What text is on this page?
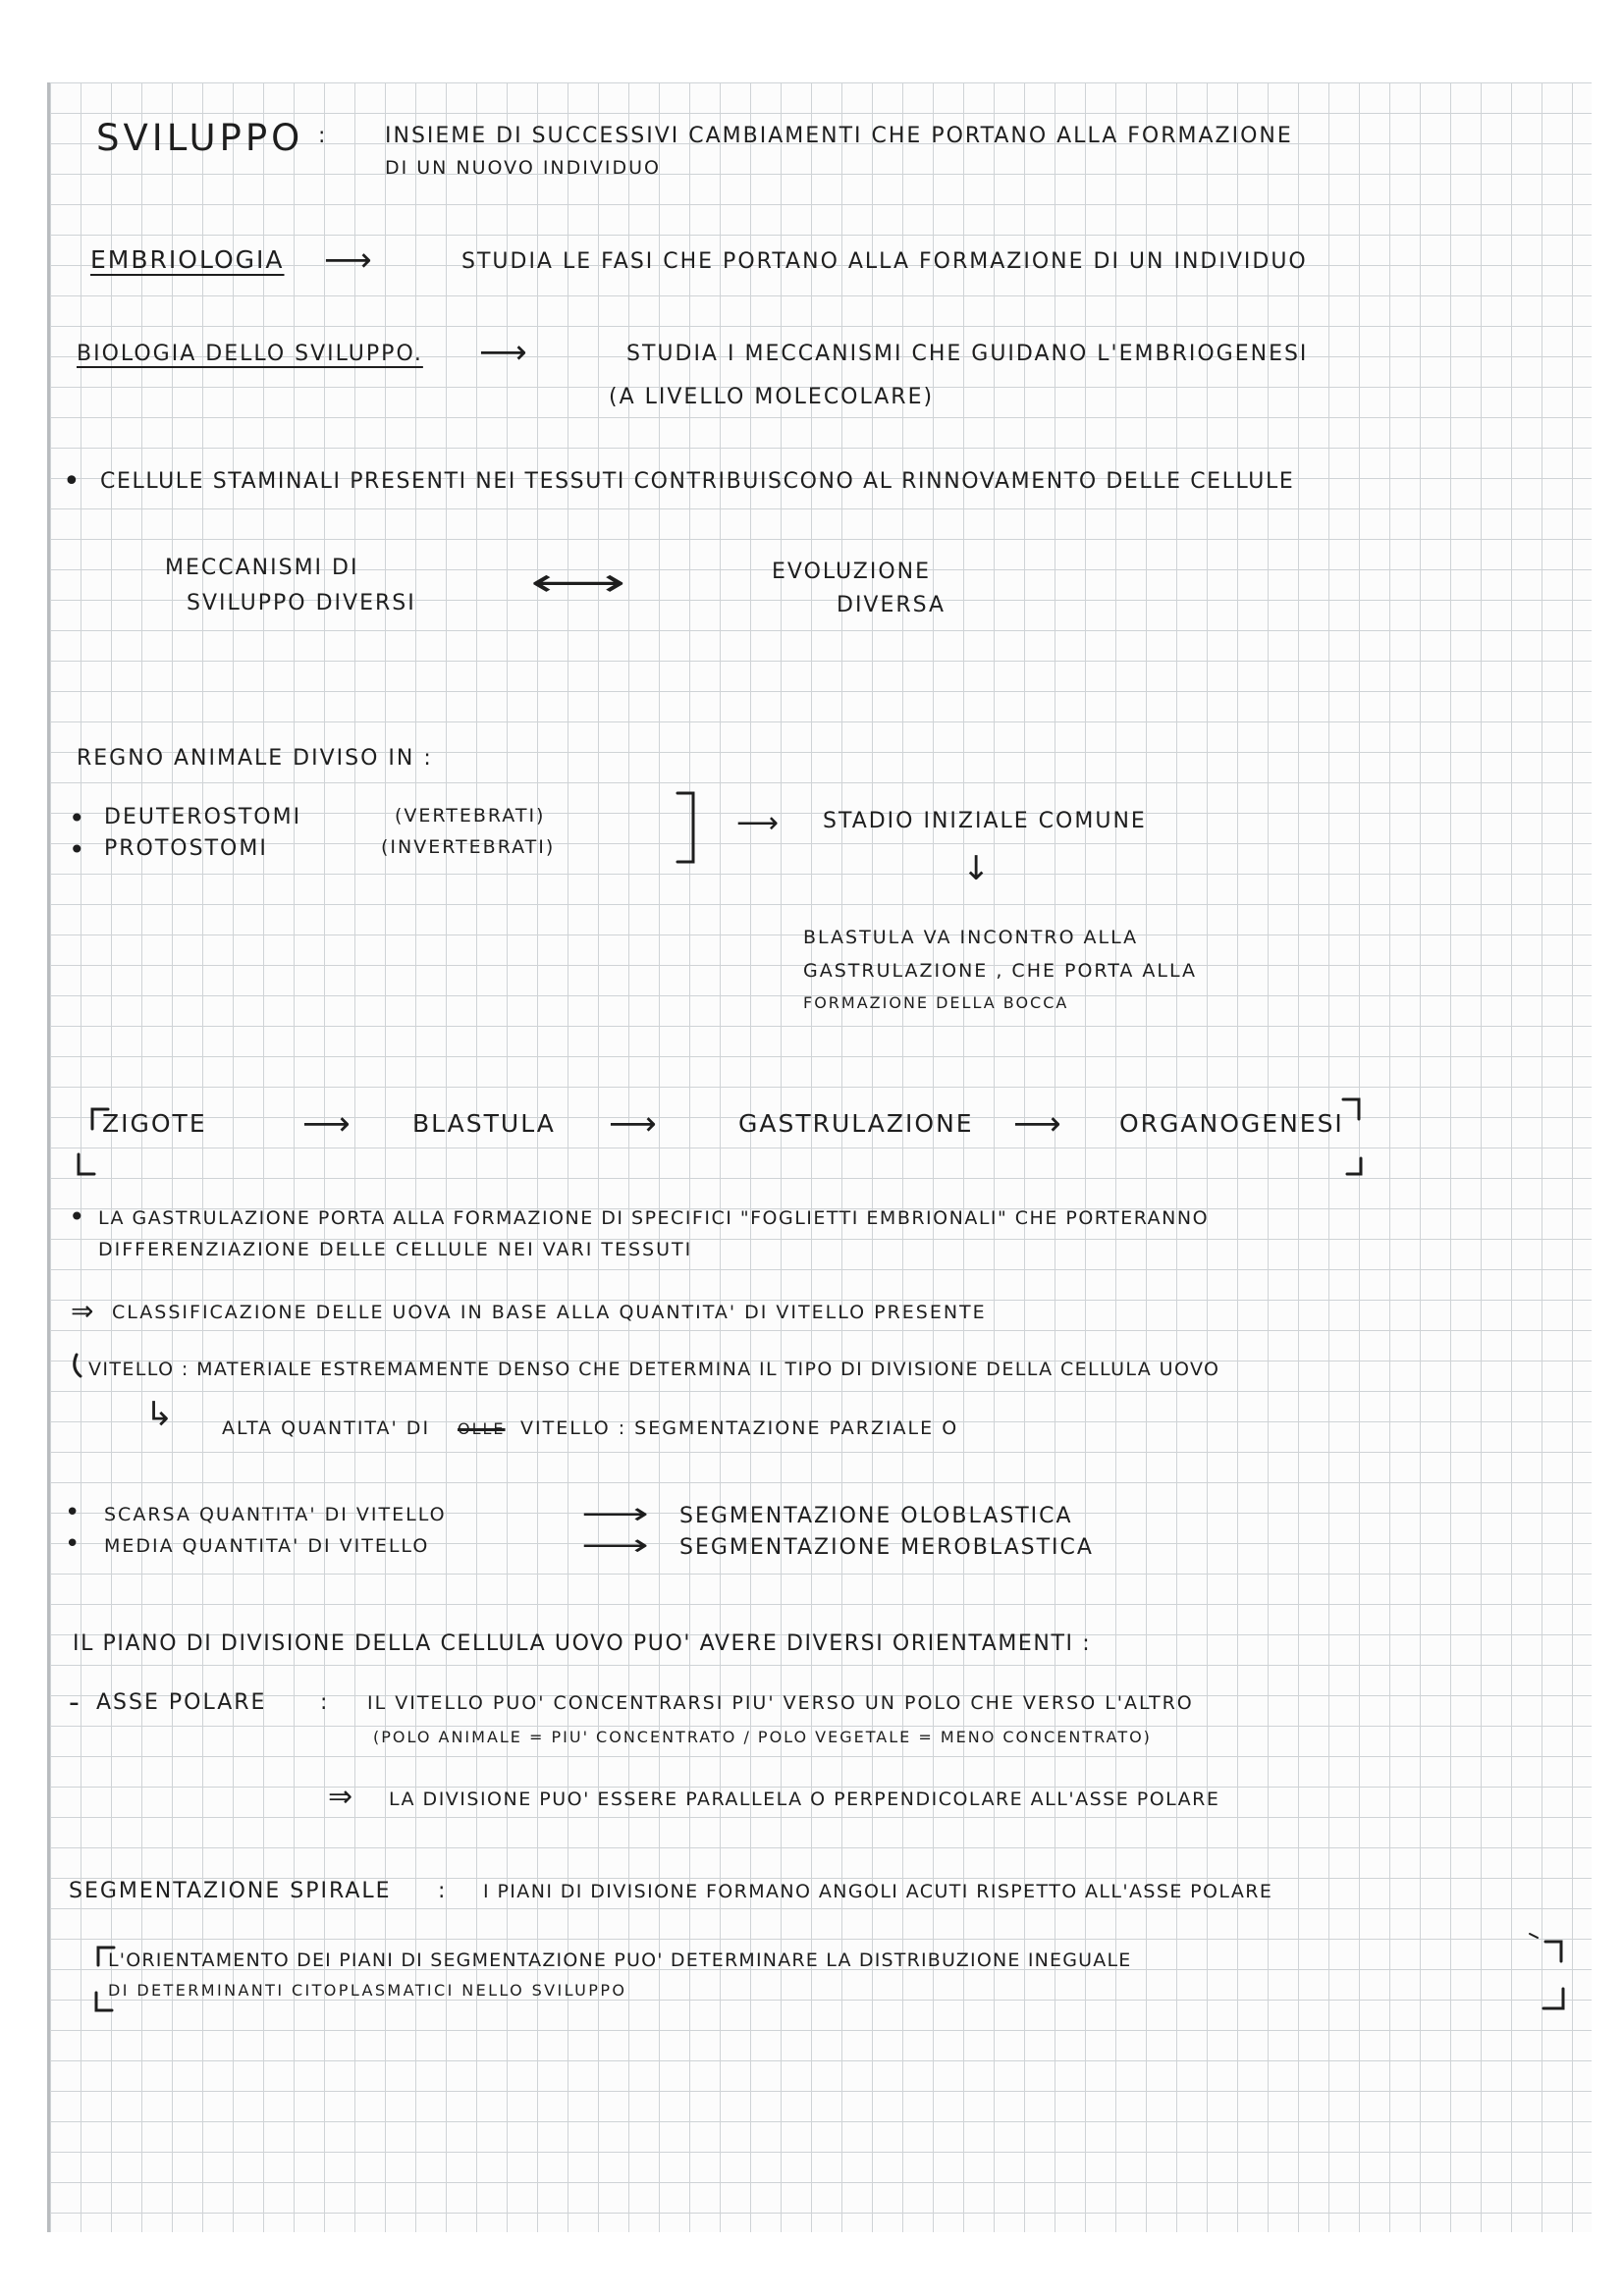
SVILUPPO :	INSIEME DI SUCCESSIVI CAMBIAMENTI CHE PORTANO ALLA FORMAZIONE
DI UN NUOVO INDIVIDUO
EMBRIOLOGIA ⟶	STUDIA LE FASI CHE PORTANO ALLA FORMAZIONE DI UN INDIVIDUO
BIOLOGIA DELLO SVILUPPO. ⟶	STUDIA I MECCANISMI CHE GUIDANO L'EMBRIOGENESI
(A LIVELLO MOLECOLARE)
• CELLULE STAMINALI PRESENTI NEI TESSUTI CONTRIBUISCONO AL RINNOVAMENTO DELLE CELLULE
MECCANISMI DI
SVILUPPO DIVERSI	⟷	EVOLUZIONE
DIVERSA
REGNO ANIMALE DIVISO IN :
• DEUTEROSTOMI	(VERTEBRATI)
• PROTOSTOMI	(INVERTEBRATI)
⟶ STADIO INIZIALE COMUNE
↓
BLASTULA VA INCONTRO ALLA
GASTRULAZIONE , CHE PORTA ALLA
FORMAZIONE DELLA BOCCA
ZIGOTE	⟶	BLASTULA ⟶	GASTRULAZIONE ⟶ ORGANOGENESI
• LA GASTRULAZIONE PORTA ALLA FORMAZIONE DI SPECIFICI "FOGLIETTI EMBRIONALI" CHE PORTERANNO
DIFFERENZIAZIONE DELLE CELLULE NEI VARI TESSUTI
⇒ CLASSIFICAZIONE DELLE UOVA IN BASE ALLA QUANTITA' DI VITELLO PRESENTE
VITELLO : MATERIALE ESTREMAMENTE DENSO CHE DETERMINA IL TIPO DI DIVISIONE DELLA CELLULA UOVO
↳	ALTA QUANTITA' DI OLLE VITELLO : SEGMENTAZIONE PARZIALE O
• SCARSA QUANTITA' DI VITELLO	⟶ SEGMENTAZIONE OLOBLASTICA
• MEDIA QUANTITA' DI VITELLO	⟶ SEGMENTAZIONE MEROBLASTICA
IL PIANO DI DIVISIONE DELLA CELLULA UOVO PUO' AVERE DIVERSI ORIENTAMENTI :
- ASSE POLARE : IL VITELLO PUO' CONCENTRARSI PIU' VERSO UN POLO CHE VERSO L'ALTRO
(POLO ANIMALE = PIU' CONCENTRATO / POLO VEGETALE = MENO CONCENTRATO)
⇒ LA DIVISIONE PUO' ESSERE PARALLELA O PERPENDICOLARE ALL'ASSE POLARE
SEGMENTAZIONE SPIRALE : I PIANI DI DIVISIONE FORMANO ANGOLI ACUTI RISPETTO ALL'ASSE POLARE
L'ORIENTAMENTO DEI PIANI DI SEGMENTAZIONE PUO' DETERMINARE LA DISTRIBUZIONE INEGUALE
DI DETERMINANTI CITOPLASMATICI NELLO SVILUPPO
